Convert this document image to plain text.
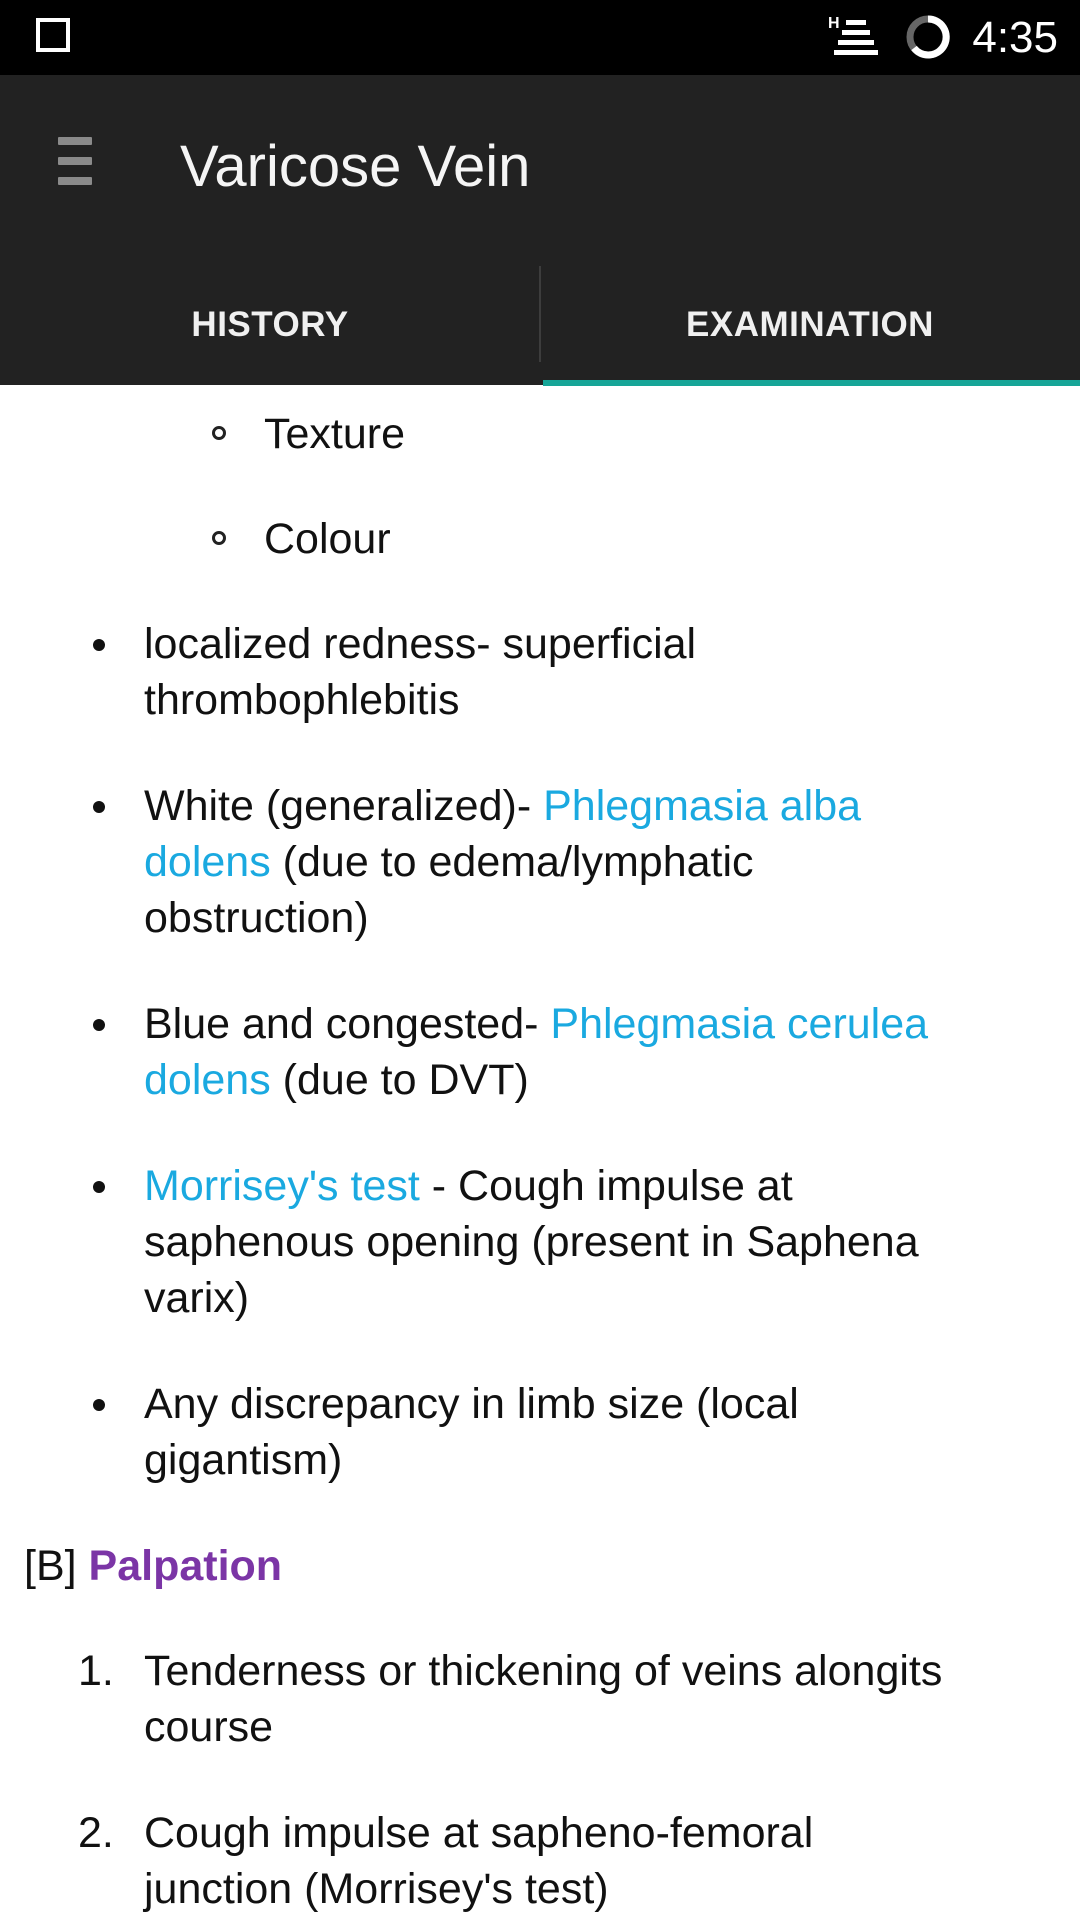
H	4:35
Varicose Vein
HISTORY	EXAMINATION
Texture
Colour
localized redness- superficial thrombophlebitis
White (generalized)- Phlegmasia alba
dolens (due to edema/lymphatic
obstruction)
Blue and congested- Phlegmasia cerulea
dolens (due to DVT)
Morrisey's test - Cough impulse at
saphenous opening (present in Saphena
varix)
Any discrepancy in limb size (local
gigantism)
[B] Palpation
1. Tenderness or thickening of veins alongits
course
2. Cough impulse at sapheno-femoral
junction (Morrisey's test)
